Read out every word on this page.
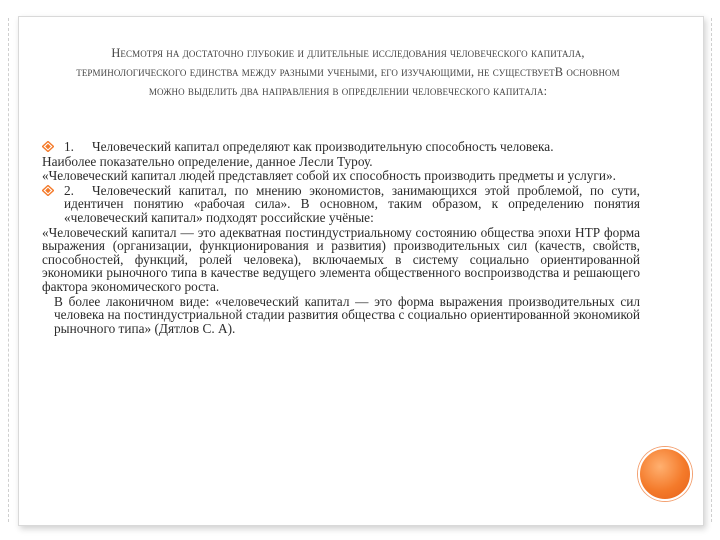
Несмотря на достаточно глубокие и длительные исследования человеческого капитала, терминологического единства между разными учеными, его изучающими, не существуетВ основном можно выделить два направления в определении человеческого капитала:

1. Человеческий капитал определяют как производительную способность человека.

Наиболее показательно определение, данное Лесли Туроу.

«Человеческий капитал людей представляет собой их способность производить предметы и услуги».

2. Человеческий капитал, по мнению экономистов, занимающихся этой проблемой, по сути, идентичен понятию «рабочая сила». В основном, таким образом, к определению понятия «человеческий капитал» подходят российские учёные:

«Человеческий капитал — это адекватная постиндустриальному состоянию общества эпохи НТР форма выражения (организации, функционирования и развития) производительных сил (качеств, свойств, способностей, функций, ролей человека), включаемых в систему социально ориентированной экономики рыночного типа в качестве ведущего элемента общественного воспроизводства и решающего фактора экономического роста.

В более лаконичном виде: «человеческий капитал — это форма выражения производительных сил человека на постиндустриальной стадии развития общества с социально ориентированной экономикой рыночного типа» (Дятлов С. А).
